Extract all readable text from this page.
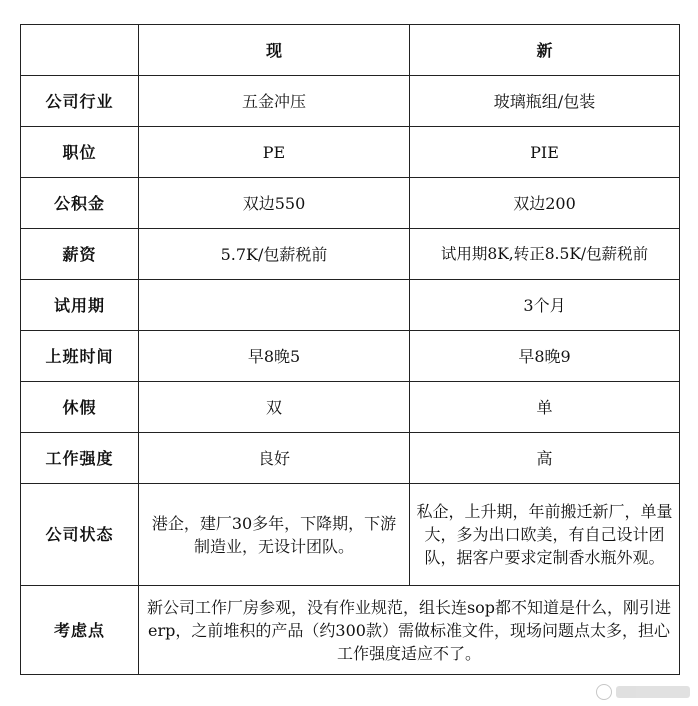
	现	新
公司行业	五金冲压	玻璃瓶组/包装
职位	PE	PIE
公积金	双边550	双边200
薪资	5.7K/包薪税前	试用期8K,转正8.5K/包薪税前
试用期		3个月
上班时间	早8晚5	早8晚9
休假	双	单
工作强度	良好	高
公司状态	港企，建厂30多年，下降期，下游制造业，无设计团队。	私企，上升期，年前搬迁新厂，单量大，多为出口欧美，有自己设计团队，据客户要求定制香水瓶外观。
考虑点	新公司工作厂房参观，没有作业规范，组长连sop都不知道是什么，刚引进erp，之前堆积的产品（约300款）需做标准文件，现场问题点太多，担心工作强度适应不了。	
